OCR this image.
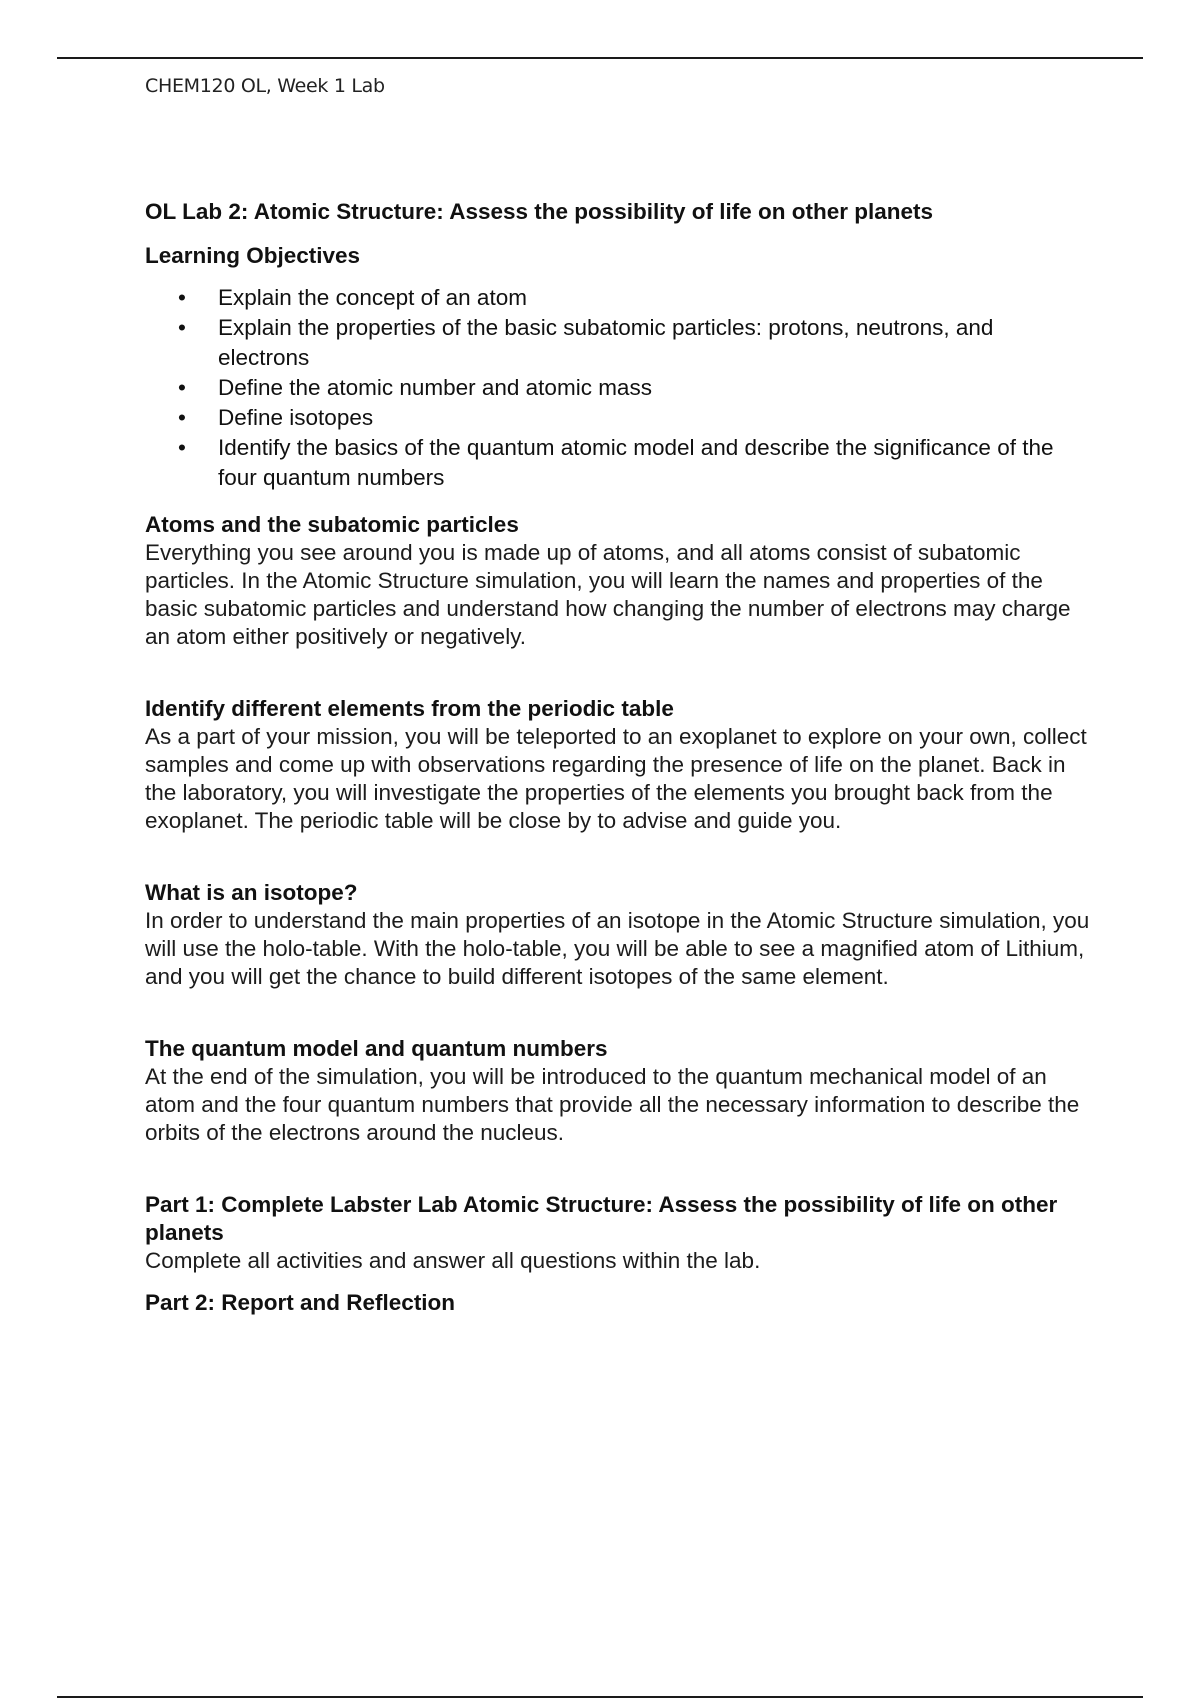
CHEM120 OL, Week 1 Lab
OL Lab 2: Atomic Structure: Assess the possibility of life on other planets
Learning Objectives
• Explain the concept of an atom
• Explain the properties of the basic subatomic particles: protons, neutrons, and electrons
• Define the atomic number and atomic mass
• Define isotopes
• Identify the basics of the quantum atomic model and describe the significance of the four quantum numbers
Atoms and the subatomic particles

Everything you see around you is made up of atoms, and all atoms consist of subatomic particles. In the Atomic Structure simulation, you will learn the names and properties of the basic subatomic particles and understand how changing the number of electrons may charge an atom either positively or negatively.

Identify different elements from the periodic table

As a part of your mission, you will be teleported to an exoplanet to explore on your own, collect samples and come up with observations regarding the presence of life on the planet. Back in the laboratory, you will investigate the properties of the elements you brought back from the exoplanet. The periodic table will be close by to advise and guide you.

What is an isotope?

In order to understand the main properties of an isotope in the Atomic Structure simulation, you will use the holo-table. With the holo-table, you will be able to see a magnified atom of Lithium, and you will get the chance to build different isotopes of the same element.

The quantum model and quantum numbers

At the end of the simulation, you will be introduced to the quantum mechanical model of an atom and the four quantum numbers that provide all the necessary information to describe the orbits of the electrons around the nucleus.

Part 1: Complete Labster Lab Atomic Structure: Assess the possibility of life on other planets

Complete all activities and answer all questions within the lab.

Part 2: Report and Reflection
